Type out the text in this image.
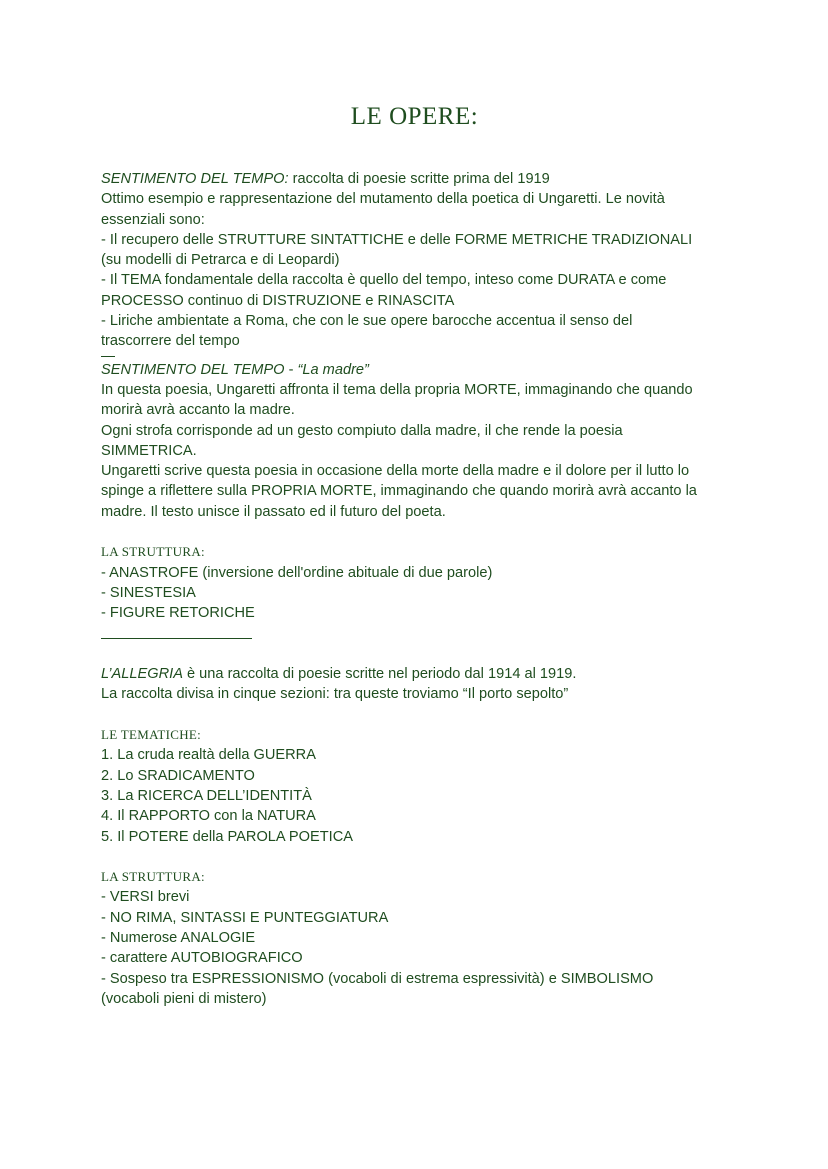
LE OPERE:
SENTIMENTO DEL TEMPO: raccolta di poesie scritte prima del 1919
Ottimo esempio e rappresentazione del mutamento della poetica di Ungaretti. Le novità
essenziali sono:
- Il recupero delle STRUTTURE SINTATTICHE e delle FORME METRICHE TRADIZIONALI
(su modelli di Petrarca e di Leopardi)
- Il TEMA fondamentale della raccolta è quello del tempo, inteso come DURATA e come
PROCESSO continuo di DISTRUZIONE e RINASCITA
- Liriche ambientate a Roma, che con le sue opere barocche accentua il senso del
trascorrere del tempo
SENTIMENTO DEL TEMPO - “La madre”
In questa poesia, Ungaretti affronta il tema della propria MORTE, immaginando che quando
morirà avrà accanto la madre.
Ogni strofa corrisponde ad un gesto compiuto dalla madre, il che rende la poesia
SIMMETRICA.
Ungaretti scrive questa poesia in occasione della morte della madre e il dolore per il lutto lo
spinge a riflettere sulla PROPRIA MORTE, immaginando che quando morirà avrà accanto la
madre. Il testo unisce il passato ed il futuro del poeta.
LA STRUTTURA:
- ANASTROFE (inversione dell'ordine abituale di due parole)
- SINESTESIA
- FIGURE RETORICHE
L’ALLEGRIA è una raccolta di poesie scritte nel periodo dal 1914 al 1919.
La raccolta divisa in cinque sezioni: tra queste troviamo “Il porto sepolto”
LE TEMATICHE:
1. La cruda realtà della GUERRA
2. Lo SRADICAMENTO
3. La RICERCA DELL’IDENTITÀ
4. Il RAPPORTO con la NATURA
5. Il POTERE della PAROLA POETICA
LA STRUTTURA:
- VERSI brevi
- NO RIMA, SINTASSI E PUNTEGGIATURA
- Numerose ANALOGIE
- carattere AUTOBIOGRAFICO
- Sospeso tra ESPRESSIONISMO (vocaboli di estrema espressività) e SIMBOLISMO
(vocaboli pieni di mistero)
